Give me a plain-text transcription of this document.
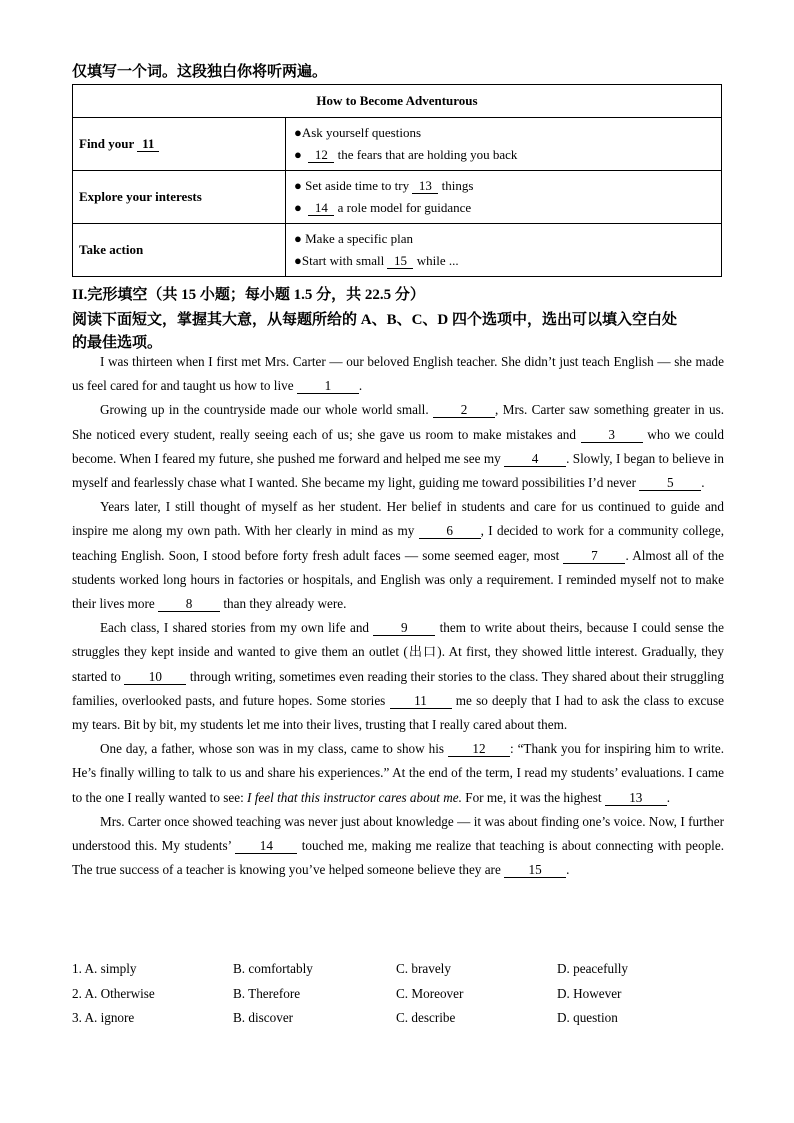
仅填写一个词。这段独白你将听两遍。
How to Become Adventurous	
Find your 11	●Ask yourself questions
● 12 the fears that are holding you back

Explore your interests	● Set aside time to try 13 things
● 14 a role model for guidance

Take action	● Make a specific plan
●Start with small 15 while ...
II.完形填空（共 15 小题；每小题 1.5 分，共 22.5 分）
阅读下面短文，掌握其大意，从每题所给的 A、B、C、D 四个选项中，选出可以填入空白处
的最佳选项。

I was thirteen when I first met Mrs. Carter — our beloved English teacher. She didn’t just teach English — she made us feel cared for and taught us how to live 1 .

Growing up in the countryside made our whole world small. 2 , Mrs. Carter saw something greater in us. She noticed every student, really seeing each of us; she gave us room to make mistakes and 3 who we could become. When I feared my future, she pushed me forward and helped me see my 4 . Slowly, I began to believe in myself and fearlessly chase what I wanted. She became my light, guiding me toward possibilities I’d never 5 .

Years later, I still thought of myself as her student. Her belief in students and care for us continued to guide and inspire me along my own path. With her clearly in mind as my 6 , I decided to work for a community college, teaching English. Soon, I stood before forty fresh adult faces — some seemed eager, most 7 . Almost all of the students worked long hours in factories or hospitals, and English was only a requirement. I reminded myself not to make their lives more 8 than they already were.

Each class, I shared stories from my own life and 9 them to write about theirs, because I could sense the struggles they kept inside and wanted to give them an outlet (出口). At first, they showed little interest. Gradually, they started to 10 through writing, sometimes even reading their stories to the class. They shared about their struggling families, overlooked pasts, and future hopes. Some stories 11 me so deeply that I had to ask the class to excuse my tears. Bit by bit, my students let me into their lives, trusting that I really cared about them.

One day, a father, whose son was in my class, came to show his 12 : “Thank you for inspiring him to write. He’s finally willing to talk to us and share his experiences.” At the end of the term, I read my students’ evaluations. I came to the one I really wanted to see: I feel that this instructor cares about me. For me, it was the highest 13 .

Mrs. Carter once showed teaching was never just about knowledge — it was about finding one’s voice. Now, I further understood this. My students’ 14 touched me, making me realize that teaching is about connecting with people. The true success of a teacher is knowing you’ve helped someone believe they are 15 .

1. A. simply	B. comfortably	C. bravely	D. peacefully
2. A. Otherwise	B. Therefore	C. Moreover	D. However
3. A. ignore	B. discover	C. describe	D. question
